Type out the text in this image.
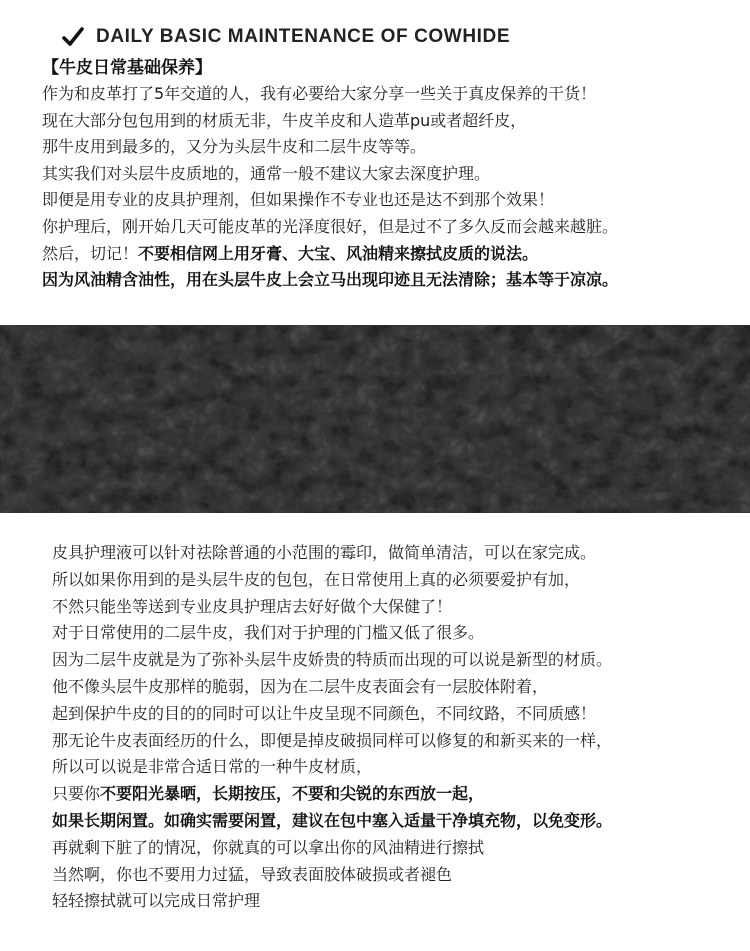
DAILY BASIC MAINTENANCE OF COWHIDE
【牛皮日常基础保养】
作为和皮革打了5年交道的人，我有必要给大家分享一些关于真皮保养的干货！
现在大部分包包用到的材质无非，牛皮羊皮和人造革pu或者超纤皮，
那牛皮用到最多的，又分为头层牛皮和二层牛皮等等。
其实我们对头层牛皮质地的，通常一般不建议大家去深度护理。
即便是用专业的皮具护理剂，但如果操作不专业也还是达不到那个效果！
你护理后，刚开始几天可能皮革的光泽度很好，但是过不了多久反而会越来越脏。
然后，切记！不要相信网上用牙膏、大宝、风油精来擦拭皮质的说法。
因为风油精含油性，用在头层牛皮上会立马出现印迹且无法清除；基本等于凉凉。
皮具护理液可以针对祛除普通的小范围的霉印，做简单清洁，可以在家完成。
所以如果你用到的是头层牛皮的包包，在日常使用上真的必须要爱护有加，
不然只能坐等送到专业皮具护理店去好好做个大保健了！
对于日常使用的二层牛皮，我们对于护理的门槛又低了很多。
因为二层牛皮就是为了弥补头层牛皮娇贵的特质而出现的可以说是新型的材质。
他不像头层牛皮那样的脆弱，因为在二层牛皮表面会有一层胶体附着，
起到保护牛皮的目的的同时可以让牛皮呈现不同颜色，不同纹路，不同质感！
那无论牛皮表面经历的什么，即便是掉皮破损同样可以修复的和新买来的一样，
所以可以说是非常合适日常的一种牛皮材质，
只要你不要阳光暴晒，长期按压，不要和尖锐的东西放一起，
如果长期闲置。如确实需要闲置，建议在包中塞入适量干净填充物，以免变形。
再就剩下脏了的情况，你就真的可以拿出你的风油精进行擦拭
当然啊，你也不要用力过猛，导致表面胶体破损或者褪色
轻轻擦拭就可以完成日常护理
